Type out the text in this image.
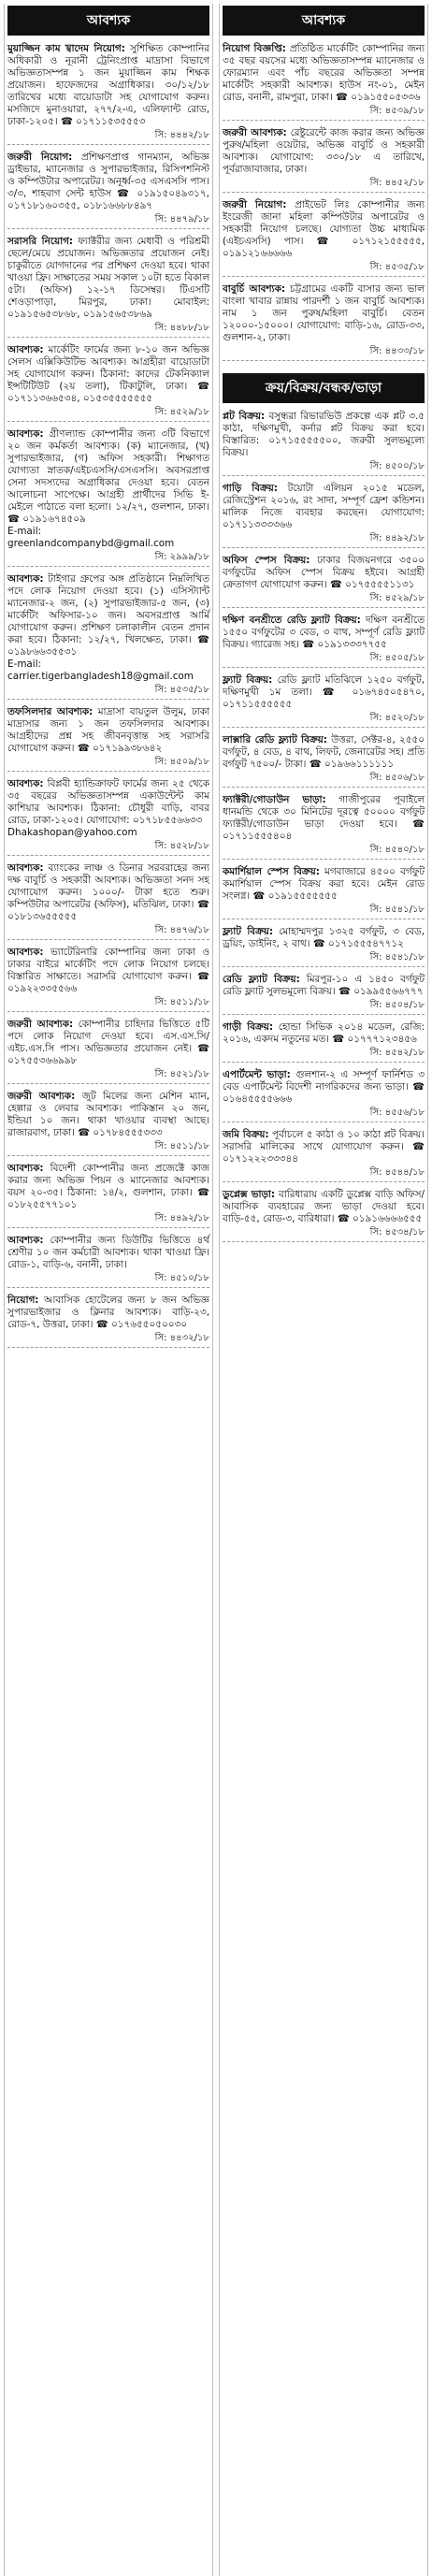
আবশ্যক

মুয়াজ্জিন কাম খ্বাদেম নিয়োগ: সুশিক্ষিত কোম্পানির অধিকারী ও নূরানী ট্রেনিংপ্রাপ্ত মাদ্রাসা বিভাগে অভিজ্ঞতাসম্পন্ন ১ জন মুয়াজ্জিন কাম শিক্ষক প্রয়োজন। হাফেজদের অগ্রাধিকার। ৩০/১২/১৮ তারিখের মধ্যে বায়োডাটা সহ যোগাযোগ করুন। মসজিদে মুনাওয়ারা, ২৭৭/২-এ, এলিফ্যান্ট রোড, ঢাকা-১২০৫। ☎ ০১৭১১৫৩৫৫৫৩
সি: ৪৪৪২/১৮

জরুরী নিয়োগ: প্রশিক্ষণপ্রাপ্ত গানম্যান, অভিজ্ঞ ড্রাইভার, ম্যানেজার ও সুপারভাইজার, রিসিপশনিস্ট ও কম্পিউটার অপারেটর। অনূর্ধ্ব-৩৫ এসএসসি পাস। ৩/৩, শাহবাগ সেন্ট হাউস ☎ ০১৯১৫০৪৯৩১৭, ০১৭১৮১৬০৩৫৫, ০১৮১৬৬৮৮৪৯৭
সি: ৪৪৭৯/১৮

সরাসরি নিয়োগ: ফ্যাক্টরীর জন্য মেধাবী ও পরিশ্রমী ছেলে/মেয়ে প্রয়োজন। অভিজ্ঞতার প্রয়োজন নেই। চাকুরীতে যোগদানের পর প্রশিক্ষণ দেওয়া হবে। থাকা খাওয়া ফ্রি। সাক্ষাতের সময় সকাল ১০টা হতে বিকাল ৫টা। (অফিস) ১২-১৭ ডিসেম্বর। টিএসটি শেওড়াপাড়া, মিরপুর, ঢাকা। মোবাইল: ০১৯১৫৬৫৩৮৬৮, ০১৯১৫৬৫৩৮৬৯
সি: ৪৪৮৮/১৮

আবশ্যক: মার্কেটিং ফার্মের জন্য ৮-১০ জন অভিজ্ঞ সেলস এক্সিকিউটিভ আবশ্যক। আগ্রহীরা বায়োডাটা সহ যোগাযোগ করুন। ঠিকানা: কাদের টেকনিক্যাল ইন্সটিটিউট (২য় তলা), টিকাটুলি, ঢাকা। ☎ ০১৭১১৩৬৬৫৩৪, ০১৫৩৫৫৫৫৫৫৫
সি: ৪৫২৯/১৮

আবশ্যক: গ্রীণল্যান্ড কোম্পানীর জন্য ৩টি বিভাগে ২০ জন কর্মকর্তা আবশ্যক। (ক) ম্যানেজার, (খ) সুপারভাইজার, (গ) অফিস সহকারী। শিক্ষাগত যোগ্যতা স্নাতক/এইচএসসি/এসএসসি। অবসরপ্রাপ্ত সেনা সদস্যদের অগ্রাধিকার দেওয়া হবে। বেতন আলোচনা সাপেক্ষে। আগ্রহী প্রার্থীদের সিভি ই-মেইলে পাঠাতে বলা হলো। ১২/২৭, গুলশান, ঢাকা। ☎ ০১৯১৬৭৪৫০৯
E-mail: greenlandcompanybd@gmail.com
সি: ২৯৯৯/১৮

আবশ্যক: টাইগার গ্রুপের অঙ্গ প্রতিষ্ঠানে নিম্নলিখিত পদে লোক নিয়োগ দেওয়া হবে। (১) এসিস্ট্যান্ট ম্যানেজার-২ জন, (২) সুপারভাইজার-৫ জন, (৩) মার্কেটিং অফিসার-১০ জন। অবসরপ্রাপ্ত আর্মি যোগাযোগ করুন। প্রশিক্ষণ চলাকালীন বেতন প্রদান করা হবে। ঠিকানা: ১২/২৭, খিলক্ষেত, ঢাকা। ☎ ০১৯৮৬৬৩৫৫৩১
E-mail: carrier.tigerbangladesh18@gmail.com
সি: ৪৫৩৫/১৮

তফসিলদার আবশ্যক: মাদ্রাসা বায়তুল উলুম, ঢাকা মাদ্রাসার জন্য ১ জন তফসিলদার আবশ্যক। আগ্রহীদের প্রশ্ন সহ জীবনবৃত্তান্ত সহ সরাসরি যোগাযোগ করুন। ☎ ০১৭১৯৯৩৮৬৪২
সি: ৪৫০৯/১৮

আবশ্যক: বিপ্লবী হ্যান্ডিক্রাফট ফার্মের জন্য ২৫ থেকে ৩৫ বছরের অভিজ্ঞতাসম্পন্ন একাউন্টেন্ট কাম কাশিয়ার আবশ্যক। ঠিকানা: চৌধুরী বাড়ি, বাবর রোড, ঢাকা-১২০৫। যোগাযোগ: ০১৭১৮৫৫৬৬৩৩
Dhakashopan@yahoo.com
সি: ৪৫২৮/১৮

আবশ্যক: ব্যাংকের লাঞ্চ ও ডিনার সরবরাহের জন্য দক্ষ বাবুর্চি ও সহকারী আবশ্যক। অভিজ্ঞতা সনদ সহ যোগাযোগ করুন। ১০০০/- টাকা হতে শুরু। কম্পিউটার অপারেটর (অফিস), মতিঝিল, ঢাকা। ☎ ০১৮১৩৬৫৫৫৫৫
সি: ৪৪৭৬/১৮

আবশ্যক: ভ্যাটেরিনারি কোম্পানির জন্য ঢাকা ও ঢাকার বাইরে মার্কেটিং পদে লোক নিয়োগ চলছে। বিস্তারিত সাক্ষাতে। সরাসরি যোগাযোগ করুন। ☎ ০১৯২২৩৩৫৫৬৬
সি: ৪৫১১/১৮

জরুরী আবশ্যক: কোম্পানীর চাহিদার ভিত্তিতে ৫টি পদে লোক নিয়োগ দেওয়া হবে। এস.এস.সি/এইচ.এস.সি পাস। অভিজ্ঞতার প্রয়োজন নেই। ☎ ০১৭৫৫৩৬৬৯৯৮
সি: ৪৫২১/১৮

জরুরী আবশ্যক: জুট মিলের জন্য মেশিন ম্যান, হেল্পার ও লেবার আবশ্যক। পাকিস্তান ২০ জন, ইন্ডিয়া ১০ জন। থাকা খাওয়ার ব্যবস্থা আছে। রাজারবাগ, ঢাকা। ☎ ০১৭৮৪৫৫৫৩৩৩
সি: ৪৫১১/১৮

আবশ্যক: বিদেশী কোম্পানীর জন্য প্রজেক্টে কাজ করার জন্য অভিজ্ঞ পিয়ন ও ম্যানেজার আবশ্যক। বয়স ২০-৩৫। ঠিকানা: ১৪/২, গুলশান, ঢাকা। ☎ ০১৮২৫৫৭৭১০১
সি: ৪৪৯২/১৮

আবশ্যক: কোম্পানীর জন্য ডিউটির ভিত্তিতে ৪র্থ শ্রেণীর ১০ জন কর্মচারী আবশ্যক। থাকা খাওয়া ফ্রি। রোড-১, বাড়ি-৬, বনানী, ঢাকা।
সি: ৪৫১০/১৮

নিয়োগ: আবাসিক হোটেলের জন্য ৮ জন অভিজ্ঞ সুপারভাইজার ও ক্লিনার আবশ্যক। বাড়ি-২৩, রোড-৭, উত্তরা, ঢাকা। ☎ ০১৭৬৫৫০৫০০৩০
সি: ৪৪৩২/১৮

আবশ্যক

নিয়োগ বিজ্ঞপ্তি: প্রতিষ্ঠিত মার্কেটিং কোম্পানির জন্য ৩৫ বছর বয়সের মধ্যে অভিজ্ঞতাসম্পন্ন ম্যানেজার ও ফোরম্যান এবং পাঁচ বছরের অভিজ্ঞতা সম্পন্ন মার্কেটিং সহকারী আবশ্যক। হাউস নং-০১, মেইন রোড, বনানী, রামপুরা, ঢাকা। ☎ ০১৯১৫৫০৫৩৩৬
সি: ৪৫৩৯/১৮

জরুরী আবশ্যক: রেষ্টুরেন্টে কাজ করার জন্য অভিজ্ঞ পুরুষ/মহিলা ওয়েটার, অভিজ্ঞ বাবুর্চি ও সহকারী আবশ্যক। যোগাযোগ: ৩৩০/১৮ এ তারিখে, পূর্বরাজাবাজার, ঢাকা।
সি: ৪৪৫২/১৮

জরুরী নিয়োগ: প্রাইভেট লিঃ কোম্পানীর জন্য ইংরেজী জানা মহিলা কম্পিউটার অপারেটর ও সহকারী নিয়োগ চলছে। যোগ্যতা উচ্চ মাধ্যমিক (এইচএসসি) পাস। ☎ ০১৭১২১৫৫৫৫৫, ০১৯১২১৬৬৬৬৬
সি: ৪৫৩৫/১৮

বাবুর্চি আবশ্যক: চট্টগ্রামের একটি বাসার জন্য ভাল বাংলা খাবার রান্নায় পারদর্শী ১ জন বাবুর্চি আবশ্যক। নাম ১ জন পুরুষ/মহিলা বাবুর্চি। বেতন ১২০০০-১৫০০০। যোগাযোগ: বাড়ি-১৬, রোড-৩৩, গুলশান-২, ঢাকা।
সি: ৪৪৩৩/১৮

ক্রয়/বিক্রয়/বন্ধক/ভাড়া

প্লট বিক্রয়: বসুন্ধরা রিভারভিউ প্রকল্পে এক প্লট ৩.৫ কাঠা, দক্ষিণমুখী, কর্নার প্লট বিক্রয় করা হবে। বিস্তারিত: ০১৭১৫৫৫৫৫০০, জরুরী সুলভমূল্যে বিক্রয়।
সি: ৪৫০০/১৮

গাড়ি বিক্রয়: টয়োটা এলিয়ন ২০১৫ মডেল, রেজিস্ট্রেশন ২০১৬, রং সাদা, সম্পূর্ণ ফ্রেশ কন্ডিশন। মালিক নিজে ব্যবহার করছেন। যোগাযোগ: ০১৭১১৩৩৩৩৬৬
সি: ৪৪৯২/১৮

অফিস স্পেস বিক্রয়: ঢাকার বিজয়নগরে ৩৫০০ বর্গফুটের অফিস স্পেস বিক্রয় হইবে। আগ্রহী ক্রেতাগণ যোগাযোগ করুন। ☎ ০১৭৫৫৫৫১১৩১
সি: ৪৫২৯/১৮

দক্ষিণ বনশ্রীতে রেডি ফ্ল্যাট বিক্রয়: দক্ষিণ বনশ্রীতে ১৫৫০ বর্গফুটের ৩ বেড, ৩ বাথ, সম্পূর্ণ রেডি ফ্ল্যাট বিক্রয়। গ্যারেজ সহ। ☎ ০১৯১৩৩৩৭৭৫৫
সি: ৪৫০৫/১৮

ফ্ল্যাট বিক্রয়: রেডি ফ্ল্যাট মতিঝিলে ১২৫০ বর্গফুট, দক্ষিণমুখী ১ম তলা। ☎ ০১৬৭৪৫০৫৪৭০, ০১৭১১৫৫৫৫৫৫
সি: ৪৫২০/১৮

লাক্সারি রেডি ফ্ল্যাট বিক্রয়: উত্তরা, সেক্টর-৪, ২৫৫০ বর্গফুট, ৪ বেড, ৪ বাথ, লিফট, জেনারেটর সহ। প্রতি বর্গফুট ৭৫০০/- টাকা। ☎ ০১৯৬৬১১১১১১
সি: ৪৫০৬/১৮

ফ্যাক্টরী/গোডাউন ভাড়া: গাজীপুরের পূবাইলে ধানমন্ডি থেকে ৩০ মিনিটের দূরত্বে ৫০০০০ বর্গফুট ফ্যাক্টরী/গোডাউন ভাড়া দেওয়া হবে। ☎ ০১৭১১৫৫৫৪০৪
সি: ৪৫৪০/১৮

কমার্শিয়াল স্পেস বিক্রয়: মগবাজারে ৪৫০০ বর্গফুট কমার্শিয়াল স্পেস বিক্রয় করা হবে। মেইন রোড সংলগ্ন। ☎ ০১৯১৫৫৫৫৫৫৫
সি: ৪৫৪১/১৮

ফ্ল্যাট বিক্রয়: মোহাম্মদপুর ১৩২৫ বর্গফুট, ৩ বেড, ড্রয়িং, ডাইনিং, ২ বাথ। ☎ ০১৭১৫৫৫৪৭৭১২
সি: ৪৫৪১/১৮

রেডি ফ্ল্যাট বিক্রয়: মিরপুর-১০ এ ১৪৫০ বর্গফুট রেডি ফ্ল্যাট সুলভমূল্যে বিক্রয়। ☎ ০১৯৯৫৫৬৬৭৭৭
সি: ৪৫০৪/১৮

গাড়ী বিক্রয়: হোন্ডা সিভিক ২০১৪ মডেল, রেজি: ২০১৬, একদম নতুনের মত। ☎ ০১৭৭৭১২৩৪৫৬
সি: ৪৫৪২/১৮

এপার্টমেন্ট ভাড়া: গুলশান-২ এ সম্পূর্ণ ফার্নিশড ৩ বেড এপার্টমেন্ট বিদেশী নাগরিকদের জন্য ভাড়া। ☎ ০১৬৪৫৫৫৫৬৬৬
সি: ৪৫৫৬/১৮

জমি বিক্রয়: পূর্বাচলে ৫ কাঠা ও ১০ কাঠা প্লট বিক্রয়। সরাসরি মালিকের সাথে যোগাযোগ করুন। ☎ ০১৭১২২২৩৩৩৪৪
সি: ৪৫৪৪/১৮

ডুপ্লেক্স ভাড়া: বারিধারায় একটি ডুপ্লেক্স বাড়ি অফিস/আবাসিক ব্যবহারের জন্য ভাড়া দেওয়া হবে। বাড়ি-৫৫, রোড-৩, বারিধারা। ☎ ০১৯১৬৬৬৬৫৫৫
সি: ৪৫৩৪/১৮
